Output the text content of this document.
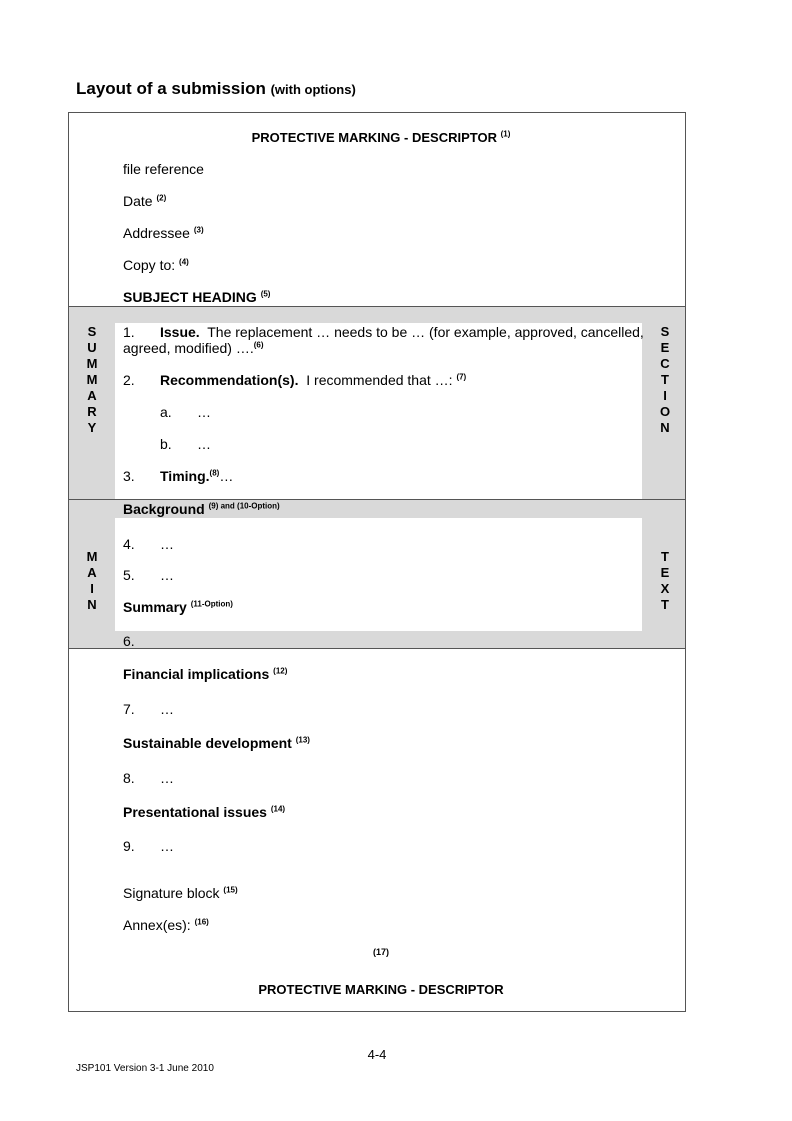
Layout of a submission (with options)
PROTECTIVE MARKING - DESCRIPTOR $^{(1)}$
file reference
Date $^{(2)}$
Addressee $^{(3)}$
Copy to: $^{(4)}$
SUBJECT HEADING $^{(5)}$
S
U
M
M
A
R
Y
S
E
C
T
I
O
N
1. Issue. The replacement … needs to be … (for example, approved, cancelled,
agreed, modified) ….$^{(6)}$
2. Recommendation(s). I recommended that …: $^{(7)}$
a. …
b. …
3. Timing.$^{(8)}$…
M
A
I
N
T
E
X
T
Background $^{(9) and (10-Option)}$
4. …
5. …
Summary $^{(11-Option)}$
6.
Financial implications $^{(12)}$
7. …
Sustainable development $^{(13)}$
8. …
Presentational issues $^{(14)}$
9. …
Signature block $^{(15)}$
Annex(es): $^{(16)}$
(17)
PROTECTIVE MARKING - DESCRIPTOR
4-4
JSP101 Version 3-1 June 2010
